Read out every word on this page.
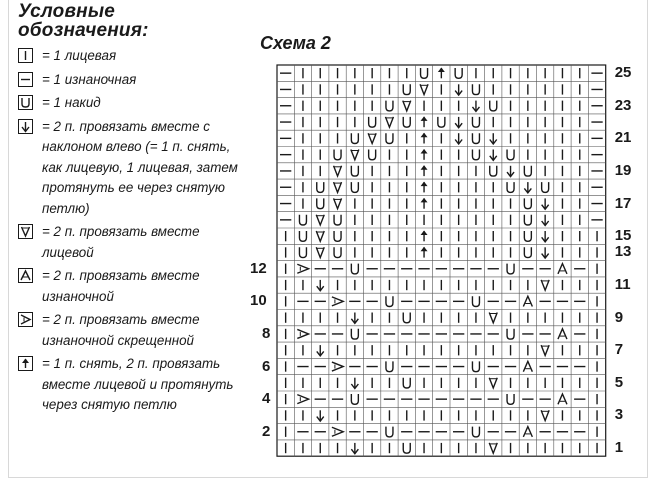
Условные
обозначения:
= 1 лицевая
= 1 изнаночная
= 1 накид
= 2 п. провязать вместе с наклоном влево (= 1 п. снять, как лицевую, 1 лицевая, затем протянуть ее через снятую петлю)
= 2 п. провязать вместе лицевой
= 2 п. провязать вместе изнаночной
= 2 п. провязать вместе изнаночной скрещенной
= 1 п. снять, 2 п. провязать вместе лицевой и протянуть через снятую петлю
Схема 2
25
23
21
19
17
15
13
12
11
10
9
8
7
6
5
4
3
2
1
